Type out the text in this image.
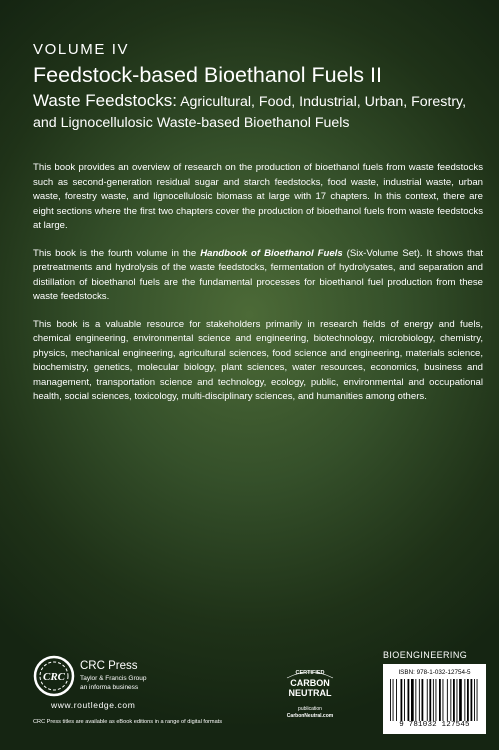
VOLUME IV
Feedstock-based Bioethanol Fuels II
Waste Feedstocks: Agricultural, Food, Industrial, Urban, Forestry, and Lignocellulosic Waste-based Bioethanol Fuels

This book provides an overview of research on the production of bioethanol fuels from waste feedstocks such as second-generation residual sugar and starch feedstocks, food waste, industrial waste, urban waste, forestry waste, and lignocellulosic biomass at large with 17 chapters. In this context, there are eight sections where the first two chapters cover the production of bioethanol fuels from waste feedstocks at large.

This book is the fourth volume in the Handbook of Bioethanol Fuels (Six-Volume Set). It shows that pretreatments and hydrolysis of the waste feedstocks, fermentation of hydrolysates, and separation and distillation of bioethanol fuels are the fundamental processes for bioethanol fuel production from these waste feedstocks.

This book is a valuable resource for stakeholders primarily in research fields of energy and fuels, chemical engineering, environmental science and engineering, biotechnology, microbiology, chemistry, physics, mechanical engineering, agricultural sciences, food science and engineering, materials science, biochemistry, genetics, molecular biology, plant sciences, water resources, economics, business and management, transportation science and technology, ecology, public, environmental and occupational health, social sciences, toxicology, multi-disciplinary sciences, and humanities among others.

CRC
CRC Press
Taylor & Francis Group
an informa business
www.routledge.com
CRC Press titles are available as eBook editions in a range of digital formats
CERTIFIED
CARBON
NEUTRAL
publication
CarbonNeutral.com
BIOENGINEERING
ISBN: 978-1-032-12754-5
9 781032 127545
